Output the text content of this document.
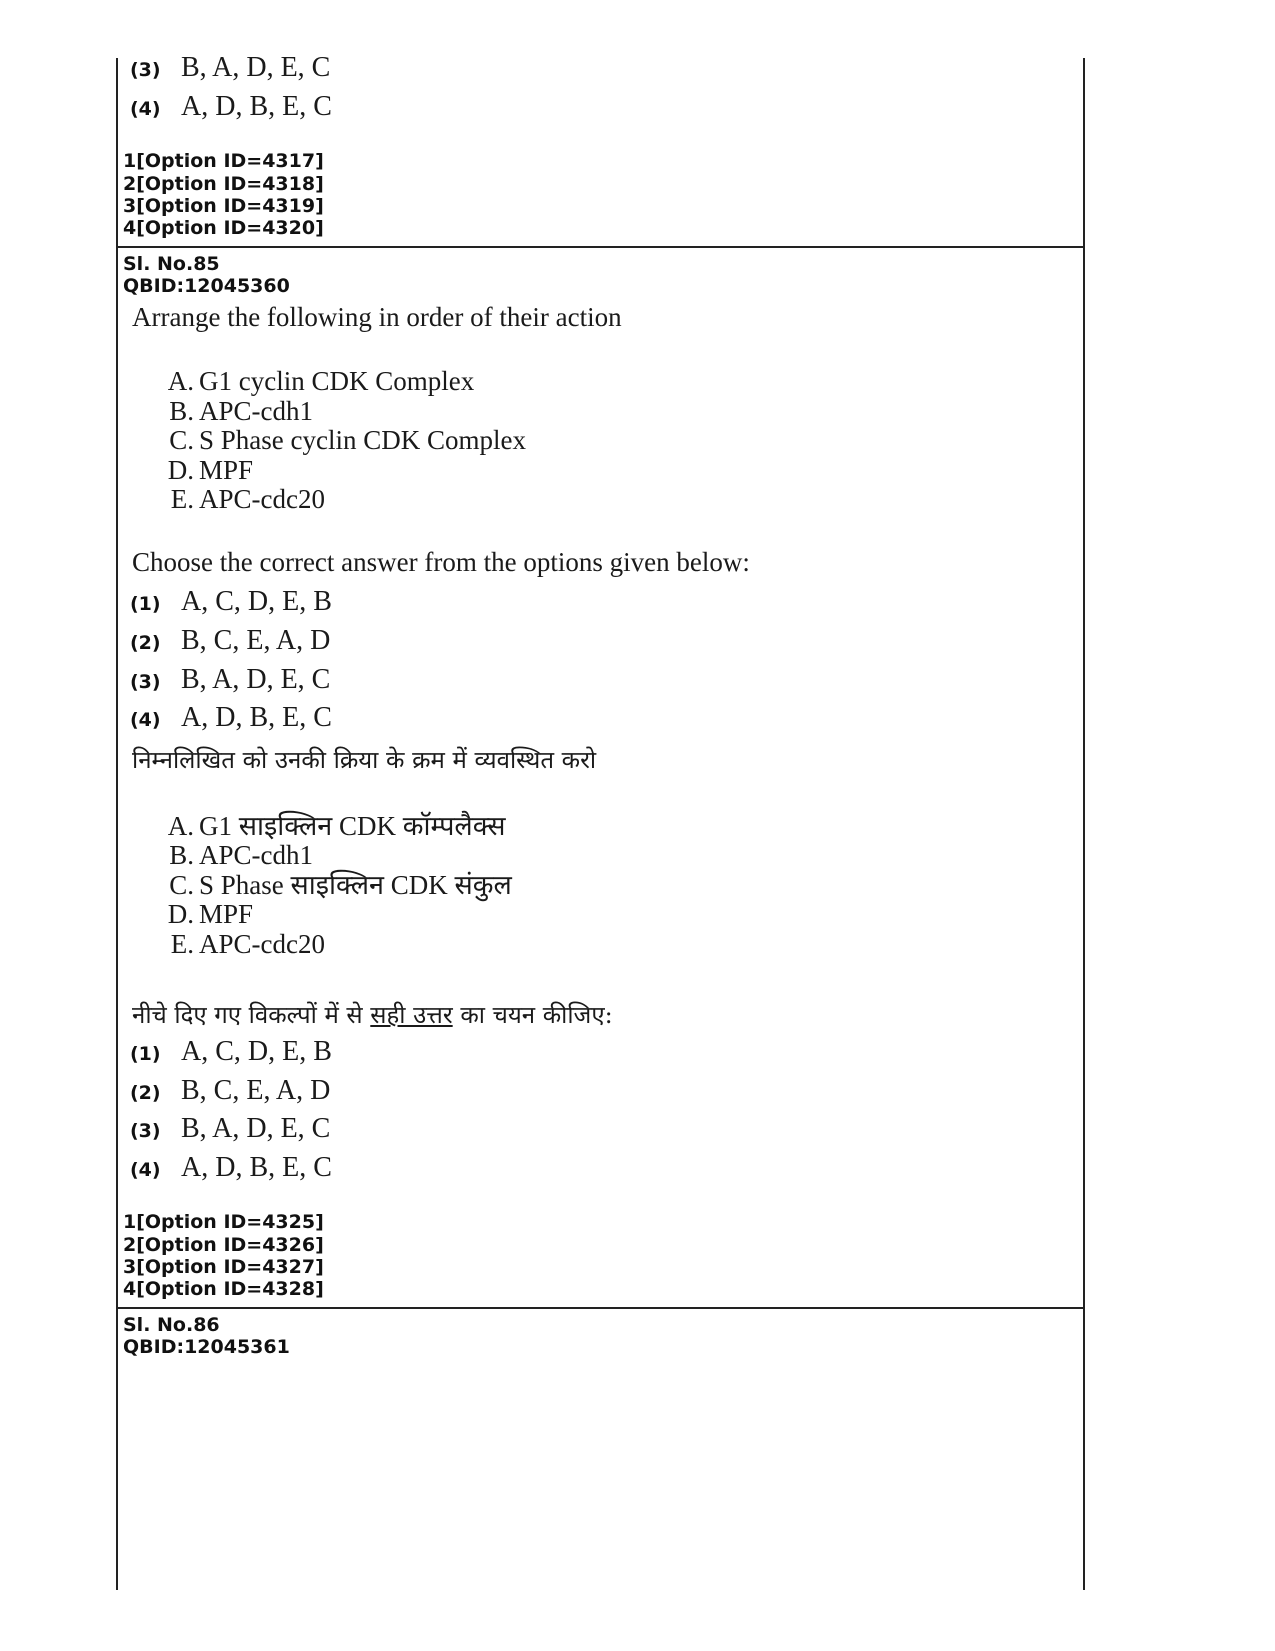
(3) B, A, D, E, C
(4) A, D, B, E, C
1[Option ID=4317]
2[Option ID=4318]
3[Option ID=4319]
4[Option ID=4320]
Sl. No.85
QBID:12045360
Arrange the following in order of their action
A. G1 cyclin CDK Complex
B. APC-cdh1
C. S Phase cyclin CDK Complex
D. MPF
E. APC-cdc20
Choose the correct answer from the options given below:
(1) A, C, D, E, B
(2) B, C, E, A, D
(3) B, A, D, E, C
(4) A, D, B, E, C
निम्नलिखित को उनकी क्रिया के क्रम में व्यवस्थित करो
A. G1 साइक्लिन CDK कॉम्पलैक्स
B. APC-cdh1
C. S Phase साइक्लिन CDK संकुल
D. MPF
E. APC-cdc20
नीचे दिए गए विकल्पों में से सही उत्तर का चयन कीजिए:
(1) A, C, D, E, B
(2) B, C, E, A, D
(3) B, A, D, E, C
(4) A, D, B, E, C
1[Option ID=4325]
2[Option ID=4326]
3[Option ID=4327]
4[Option ID=4328]
Sl. No.86
QBID:12045361
